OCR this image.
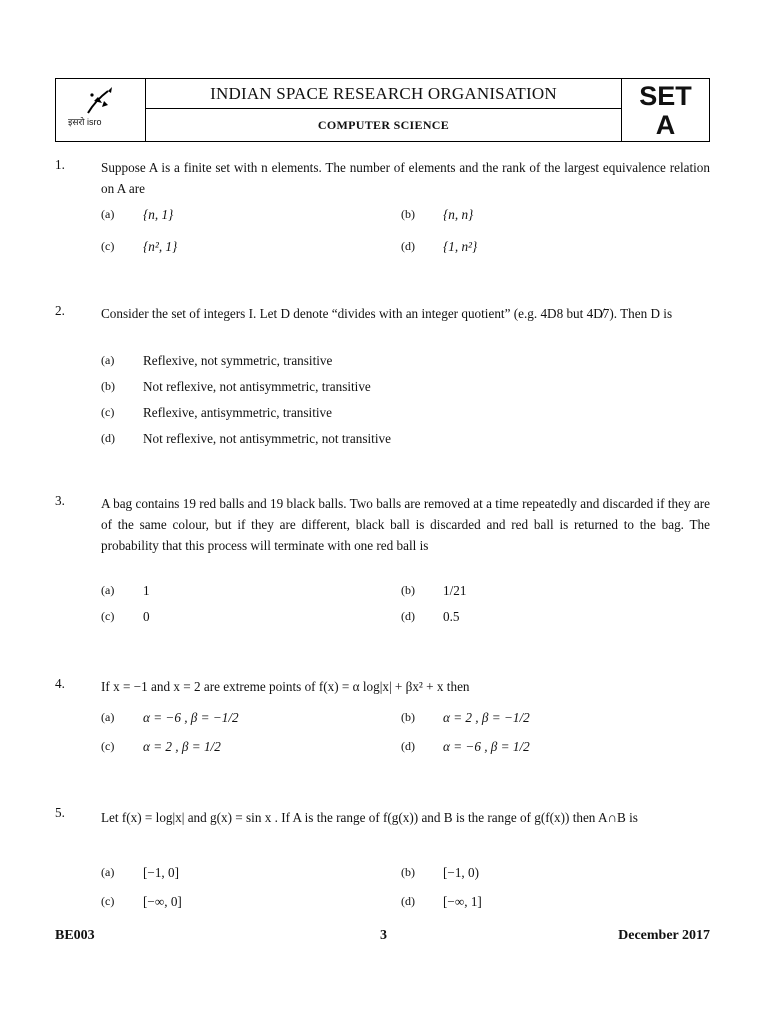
इसरो isro
INDIAN SPACE RESEARCH ORGANISATION
COMPUTER SCIENCE
SET
A
1.	Suppose A is a finite set with n elements. The number of elements and the rank of the largest equivalence relation on A are
(a) {n, 1}	(b) {n, n}
(c) {n², 1}	(d) {1, n²}
2.	Consider the set of integers I. Let D denote “divides with an integer quotient” (e.g. 4D8 but 4D̸7). Then D is
(a) Reflexive, not symmetric, transitive
(b) Not reflexive, not antisymmetric, transitive
(c) Reflexive, antisymmetric, transitive
(d) Not reflexive, not antisymmetric, not transitive
3.	A bag contains 19 red balls and 19 black balls. Two balls are removed at a time repeatedly and discarded if they are of the same colour, but if they are different, black ball is discarded and red ball is returned to the bag. The probability that this process will terminate with one red ball is
(a) 1	(b) 1/21
(c) 0	(d) 0.5
4.	If x = −1 and x = 2 are extreme points of f(x) = α log|x| + βx² + x then
(a) α = −6 , β = −1/2	(b) α = 2 , β = −1/2
(c) α = 2 , β = 1/2	(d) α = −6 , β = 1/2
5.	Let f(x) = log|x| and g(x) = sin x . If A is the range of f(g(x)) and B is the range of g(f(x)) then A∩B is
(a) [−1, 0]	(b) [−1, 0)
(c) [−∞, 0]	(d) [−∞, 1]
BE003	3	December 2017
